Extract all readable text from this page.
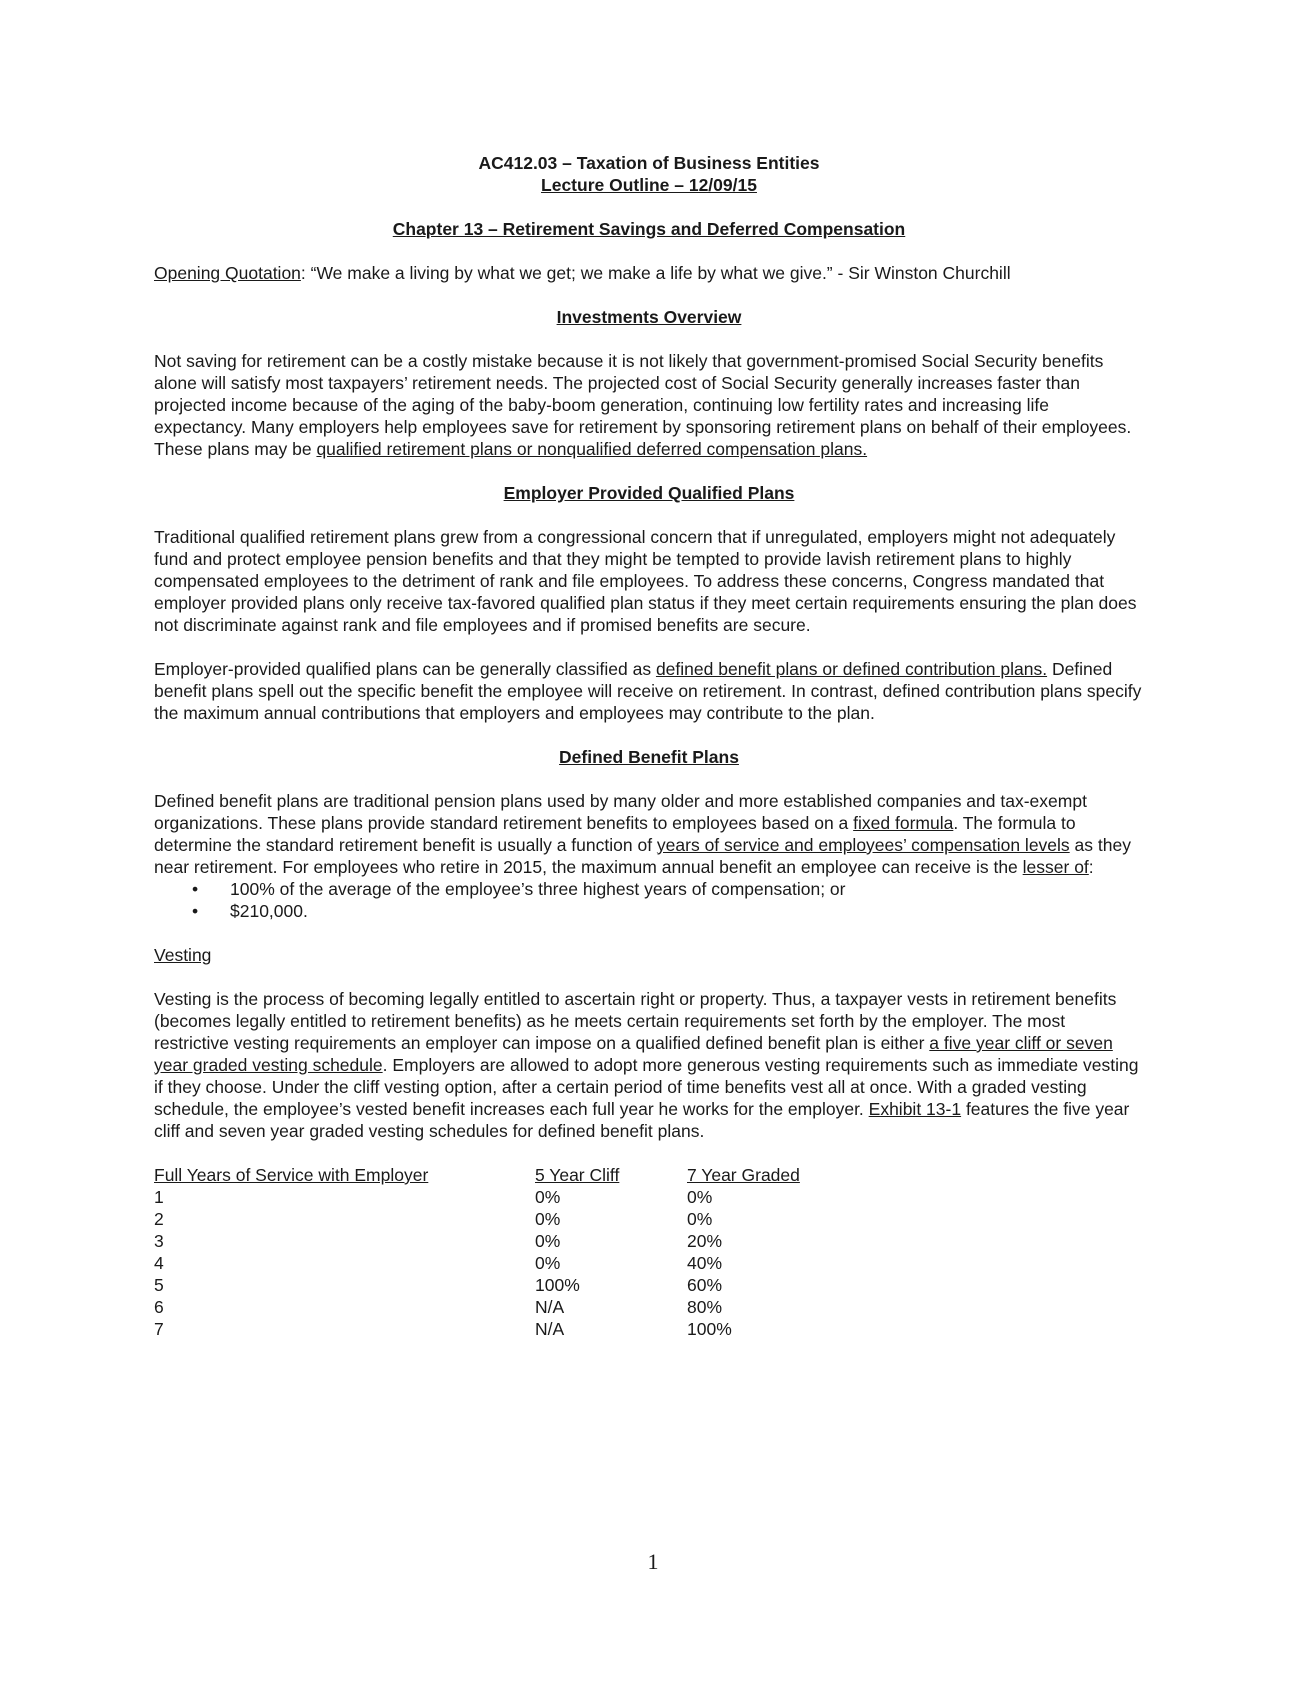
AC412.03 – Taxation of Business Entities

Lecture Outline – 12/09/15

Chapter 13 – Retirement Savings and Deferred Compensation

Opening Quotation: “We make a living by what we get; we make a life by what we give.” - Sir Winston Churchill

Investments Overview

Not saving for retirement can be a costly mistake because it is not likely that government-promised Social Security benefits alone will satisfy most taxpayers’ retirement needs. The projected cost of Social Security generally increases faster than projected income because of the aging of the baby-boom generation, continuing low fertility rates and increasing life expectancy. Many employers help employees save for retirement by sponsoring retirement plans on behalf of their employees. These plans may be qualified retirement plans or nonqualified deferred compensation plans.

Employer Provided Qualified Plans

Traditional qualified retirement plans grew from a congressional concern that if unregulated, employers might not adequately fund and protect employee pension benefits and that they might be tempted to provide lavish retirement plans to highly compensated employees to the detriment of rank and file employees. To address these concerns, Congress mandated that employer provided plans only receive tax-favored qualified plan status if they meet certain requirements ensuring the plan does not discriminate against rank and file employees and if promised benefits are secure.

Employer-provided qualified plans can be generally classified as defined benefit plans or defined contribution plans. Defined benefit plans spell out the specific benefit the employee will receive on retirement. In contrast, defined contribution plans specify the maximum annual contributions that employers and employees may contribute to the plan.

Defined Benefit Plans

Defined benefit plans are traditional pension plans used by many older and more established companies and tax-exempt organizations. These plans provide standard retirement benefits to employees based on a fixed formula. The formula to determine the standard retirement benefit is usually a function of years of service and employees’ compensation levels as they near retirement. For employees who retire in 2015, the maximum annual benefit an employee can receive is the lesser of:

• 100% of the average of the employee’s three highest years of compensation; or
• $210,000.

Vesting

Vesting is the process of becoming legally entitled to ascertain right or property. Thus, a taxpayer vests in retirement benefits (becomes legally entitled to retirement benefits) as he meets certain requirements set forth by the employer. The most restrictive vesting requirements an employer can impose on a qualified defined benefit plan is either a five year cliff or seven year graded vesting schedule. Employers are allowed to adopt more generous vesting requirements such as immediate vesting if they choose. Under the cliff vesting option, after a certain period of time benefits vest all at once. With a graded vesting schedule, the employee’s vested benefit increases each full year he works for the employer. Exhibit 13-1 features the five year cliff and seven year graded vesting schedules for defined benefit plans.

Full Years of Service with Employer	5 Year Cliff	7 Year Graded
1	0%	0%
2	0%	0%
3	0%	20%
4	0%	40%
5	100%	60%
6	N/A	80%
7	N/A	100%
1
